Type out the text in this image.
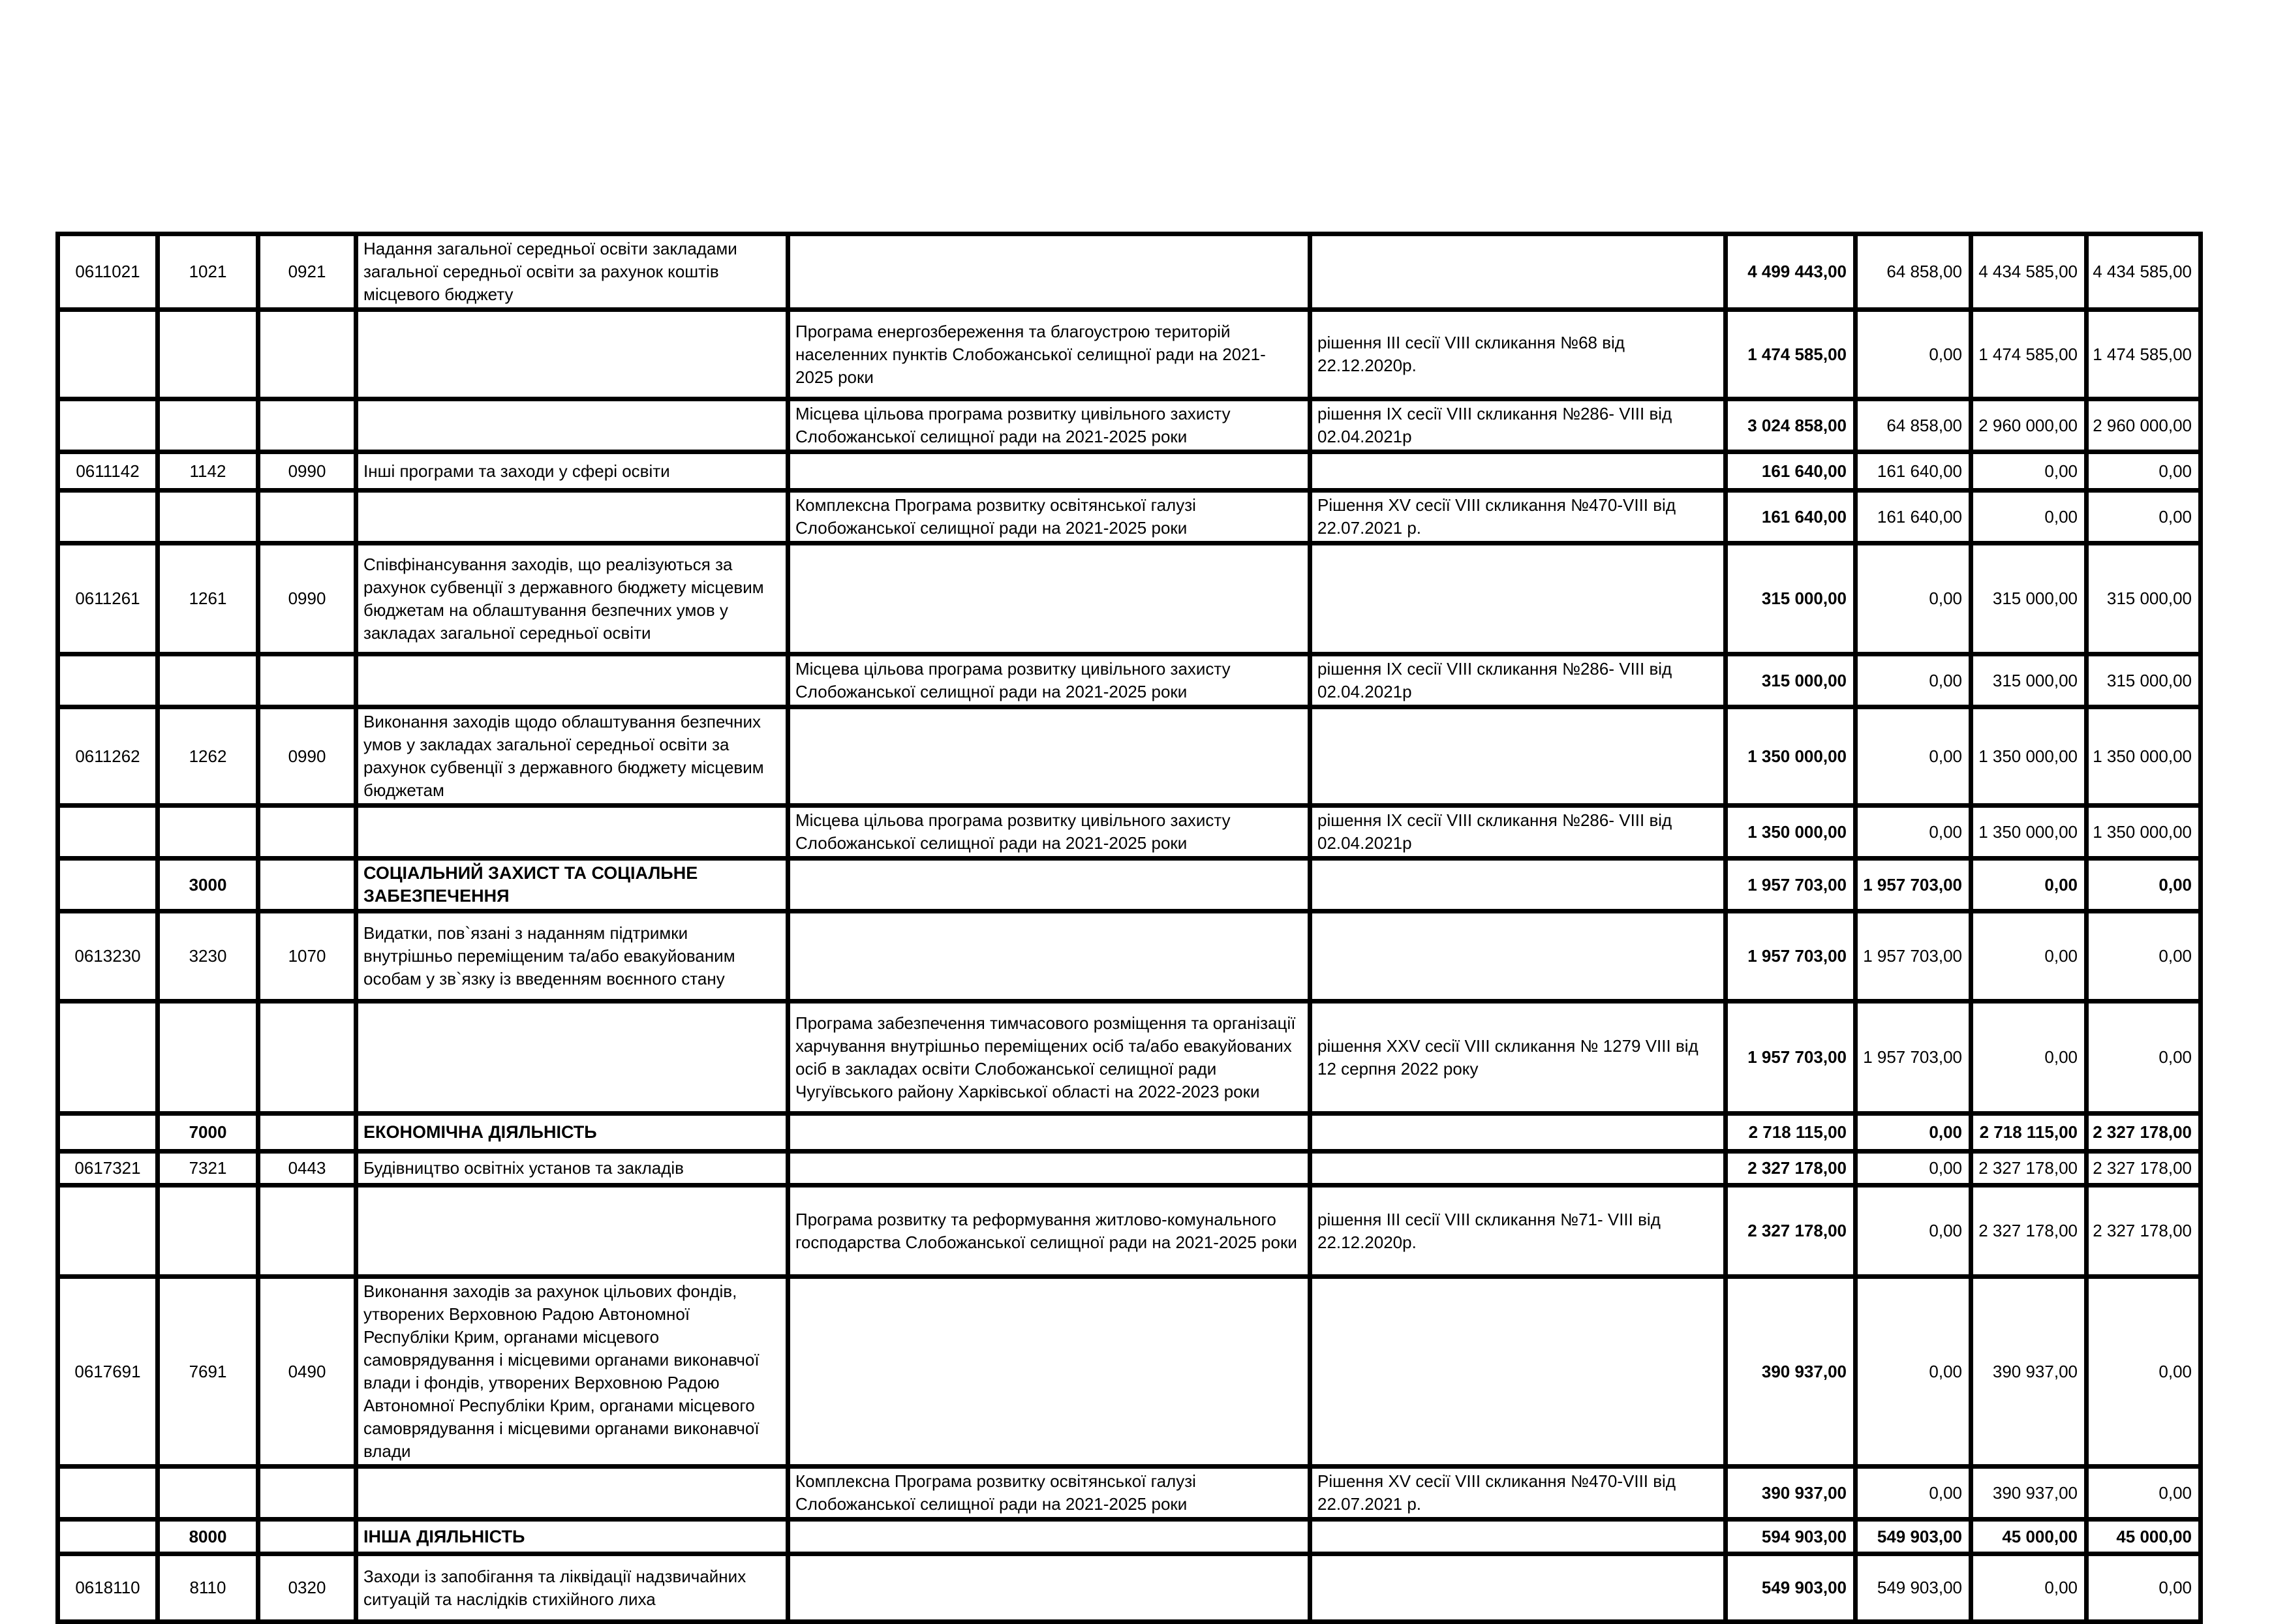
0611021	1021	0921	Надання загальної середньої освіти закладами загальної середньої освіти за рахунок коштів місцевого бюджету			4 499 443,00	64 858,00	4 434 585,00	4 434 585,00
				Програма енергозбереження та благоустрою територій населенних пунктів Слобожанської селищної ради на 2021-2025 роки	рішення III сесії VIII скликання №68 від 22.12.2020р.	1 474 585,00	0,00	1 474 585,00	1 474 585,00
				Місцева цільова програма розвитку цивільного захисту Слобожанської селищної ради на 2021-2025 роки	рішення IX сесії VIII скликання №286- VIII від 02.04.2021р	3 024 858,00	64 858,00	2 960 000,00	2 960 000,00
0611142	1142	0990	Інші програми та заходи у сфері освіти			161 640,00	161 640,00	0,00	0,00
				Комплексна Програма розвитку освітянської галузі Слобожанської селищної ради на 2021-2025 роки	Рішення XV сесії VIII скликання №470-VIII від 22.07.2021 р.	161 640,00	161 640,00	0,00	0,00
0611261	1261	0990	Співфінансування заходів, що реалізуються за рахунок субвенції з державного бюджету місцевим бюджетам на облаштування безпечних умов у закладах загальної середньої освіти			315 000,00	0,00	315 000,00	315 000,00
				Місцева цільова програма розвитку цивільного захисту Слобожанської селищної ради на 2021-2025 роки	рішення IX сесії VIII скликання №286- VIII від 02.04.2021р	315 000,00	0,00	315 000,00	315 000,00
0611262	1262	0990	Виконання заходів щодо облаштування безпечних умов у закладах загальної середньої освіти за рахунок субвенції з державного бюджету місцевим бюджетам			1 350 000,00	0,00	1 350 000,00	1 350 000,00
				Місцева цільова програма розвитку цивільного захисту Слобожанської селищної ради на 2021-2025 роки	рішення IX сесії VIII скликання №286- VIII від 02.04.2021р	1 350 000,00	0,00	1 350 000,00	1 350 000,00
	3000		СОЦІАЛЬНИЙ ЗАХИСТ ТА СОЦІАЛЬНЕ ЗАБЕЗПЕЧЕННЯ			1 957 703,00	1 957 703,00	0,00	0,00
0613230	3230	1070	Видатки, пов`язані з наданням підтримки внутрішньо переміщеним та/або евакуйованим особам у зв`язку із введенням воєнного стану			1 957 703,00	1 957 703,00	0,00	0,00
				Програма забезпечення тимчасового розміщення та організації харчування внутрішньо переміщених осіб та/або евакуйованих осіб в закладах освіти Слобожанської селищної ради Чугуївського району Харківської області на 2022-2023 роки	рішення XXV сесії VIII скликання № 1279 VIII від 12 серпня 2022 року	1 957 703,00	1 957 703,00	0,00	0,00
	7000		ЕКОНОМІЧНА ДІЯЛЬНІСТЬ			2 718 115,00	0,00	2 718 115,00	2 327 178,00
0617321	7321	0443	Будівництво освітніх установ та закладів			2 327 178,00	0,00	2 327 178,00	2 327 178,00
				Програма розвитку та реформування житлово-комунального господарства Слобожанської селищної ради на 2021-2025 роки	рішення III сесії VIII скликання №71- VIII від 22.12.2020р.	2 327 178,00	0,00	2 327 178,00	2 327 178,00
0617691	7691	0490	Виконання заходів за рахунок цільових фондів, утворених Верховною Радою Автономної Республіки Крим, органами місцевого самоврядування і місцевими органами виконавчої влади і фондів, утворених Верховною Радою Автономної Республіки Крим, органами місцевого самоврядування і місцевими органами виконавчої влади			390 937,00	0,00	390 937,00	0,00
				Комплексна Програма розвитку освітянської галузі Слобожанської селищної ради на 2021-2025 роки	Рішення XV сесії VIII скликання №470-VIII від 22.07.2021 р.	390 937,00	0,00	390 937,00	0,00
	8000		ІНША ДІЯЛЬНІСТЬ			594 903,00	549 903,00	45 000,00	45 000,00
0618110	8110	0320	Заходи із запобігання та ліквідації надзвичайних ситуацій та наслідків стихійного лиха			549 903,00	549 903,00	0,00	0,00
